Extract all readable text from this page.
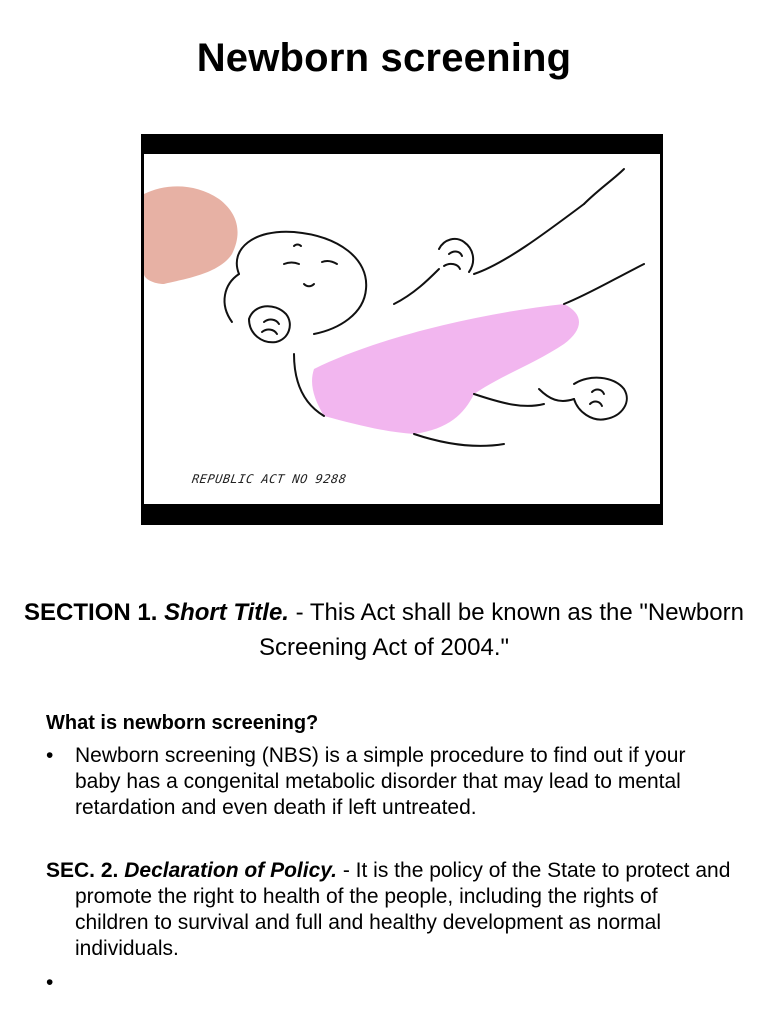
Newborn screening
REPUBLIC ACT NO 9288
SECTION 1. Short Title. - This Act shall be known as the "Newborn Screening Act of 2004."
What is newborn screening?
• Newborn screening (NBS) is a simple procedure to find out if your baby has a congenital metabolic disorder that may lead to mental retardation and even death if left untreated.
SEC. 2. Declaration of Policy. - It is the policy of the State to protect and promote the right to health of the people, including the rights of children to survival and full and healthy development as normal individuals.
•
